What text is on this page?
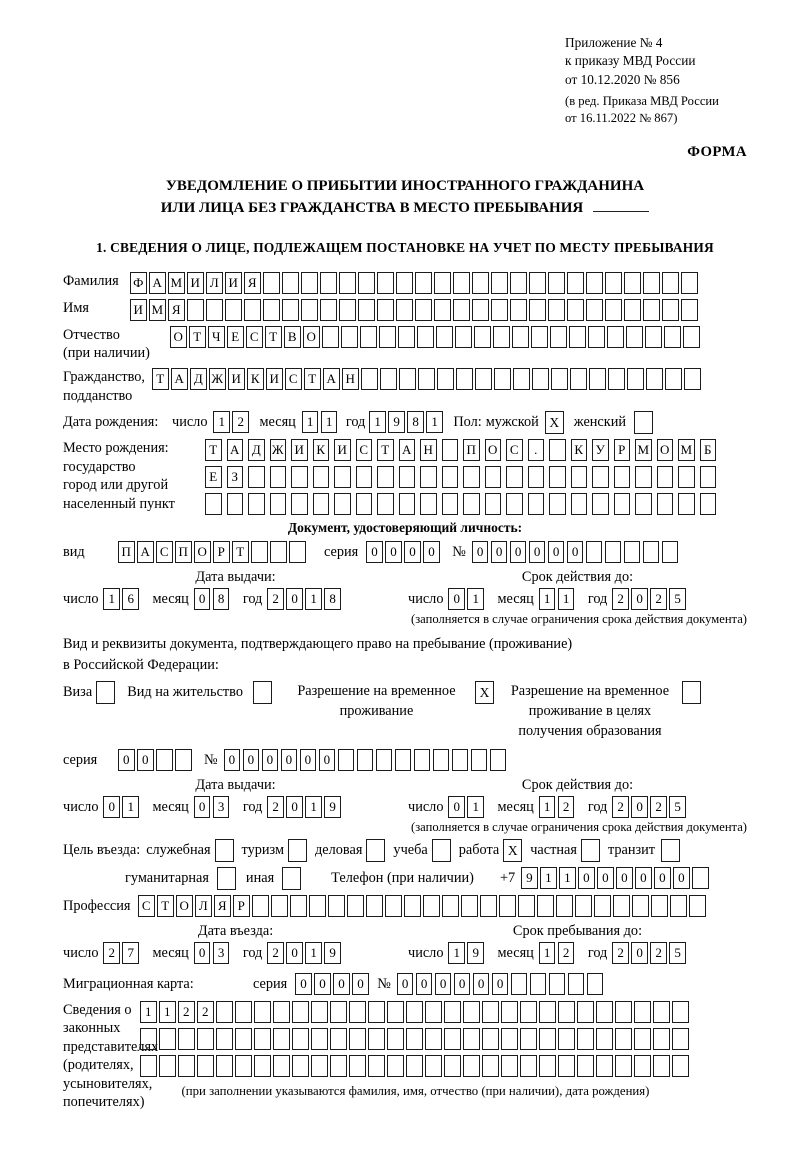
Приложение № 4
к приказу МВД России
от 10.12.2020 № 856
(в ред. Приказа МВД России
от 16.11.2022 № 867)
ФОРМА
УВЕДОМЛЕНИЕ О ПРИБЫТИИ ИНОСТРАННОГО ГРАЖДАНИНА
ИЛИ ЛИЦА БЕЗ ГРАЖДАНСТВА В МЕСТО ПРЕБЫВАНИЯ
1. СВЕДЕНИЯ О ЛИЦЕ, ПОДЛЕЖАЩЕМ ПОСТАНОВКЕ НА УЧЕТ ПО МЕСТУ ПРЕБЫВАНИЯ
Фамилия	Ф А М И Л И Я
Имя	И М Я
Отчество
(при наличии)
О Т Ч Е С Т В О
Гражданство,
подданство
Т А Д Ж И К И С Т А Н
Дата рождения: число 1 2	месяц 1 1 год 1 9 8 1	Пол: мужской X	женский
Место рождения:
государство
город или другой
населенный пункт
Т А Д Ж И К И С	Т А Н	П О С	.	К У	Р М О М Б
Е	З
Документ, удостоверяющий личность:
вид	П А С П О Р Т	серия	0 0 0 0	№ 0 0 0 0 0 0
Дата выдачи:
число 1 6	месяц 0 8	год 2 0 1 8
Срок действия до:
число 0 1	месяц 1 1	год 2 0 2 5
(заполняется в случае ограничения срока действия документа)
Вид и реквизиты документа, подтверждающего право на пребывание (проживание)
в Российской Федерации:
Виза Вид на жительство	Разрешение на временное проживание
X	Разрешение на временное проживание в целях получения образования
серия	0 0	№ 0 0 0 0 0 0
Дата выдачи:
число 0 1	месяц 0 3	год 2 0 1 9
Срок действия до:
число 0 1	месяц 1 2	год 2 0 2 5
(заполняется в случае ограничения срока действия документа)
Цель въезда: служебная туризм деловая учеба работа X частная транзит
гуманитарная	иная	Телефон (при наличии) +7 9 1 1 0 0 0 0 0 0
Профессия С Т О Л Я Р
Дата въезда:
число 2 7	месяц 0 3	год 2 0 1 9
Срок пребывания до:
число 1 9	месяц 1 2	год 2 0 2 5
Миграционная карта:	серия	0 0 0 0 № 0 0 0 0 0 0
Сведения о
законных
представителях
(родителях,
усыновителях,
попечителях)
1 1 2 2
(при заполнении указываются фамилия, имя, отчество (при наличии), дата рождения)
